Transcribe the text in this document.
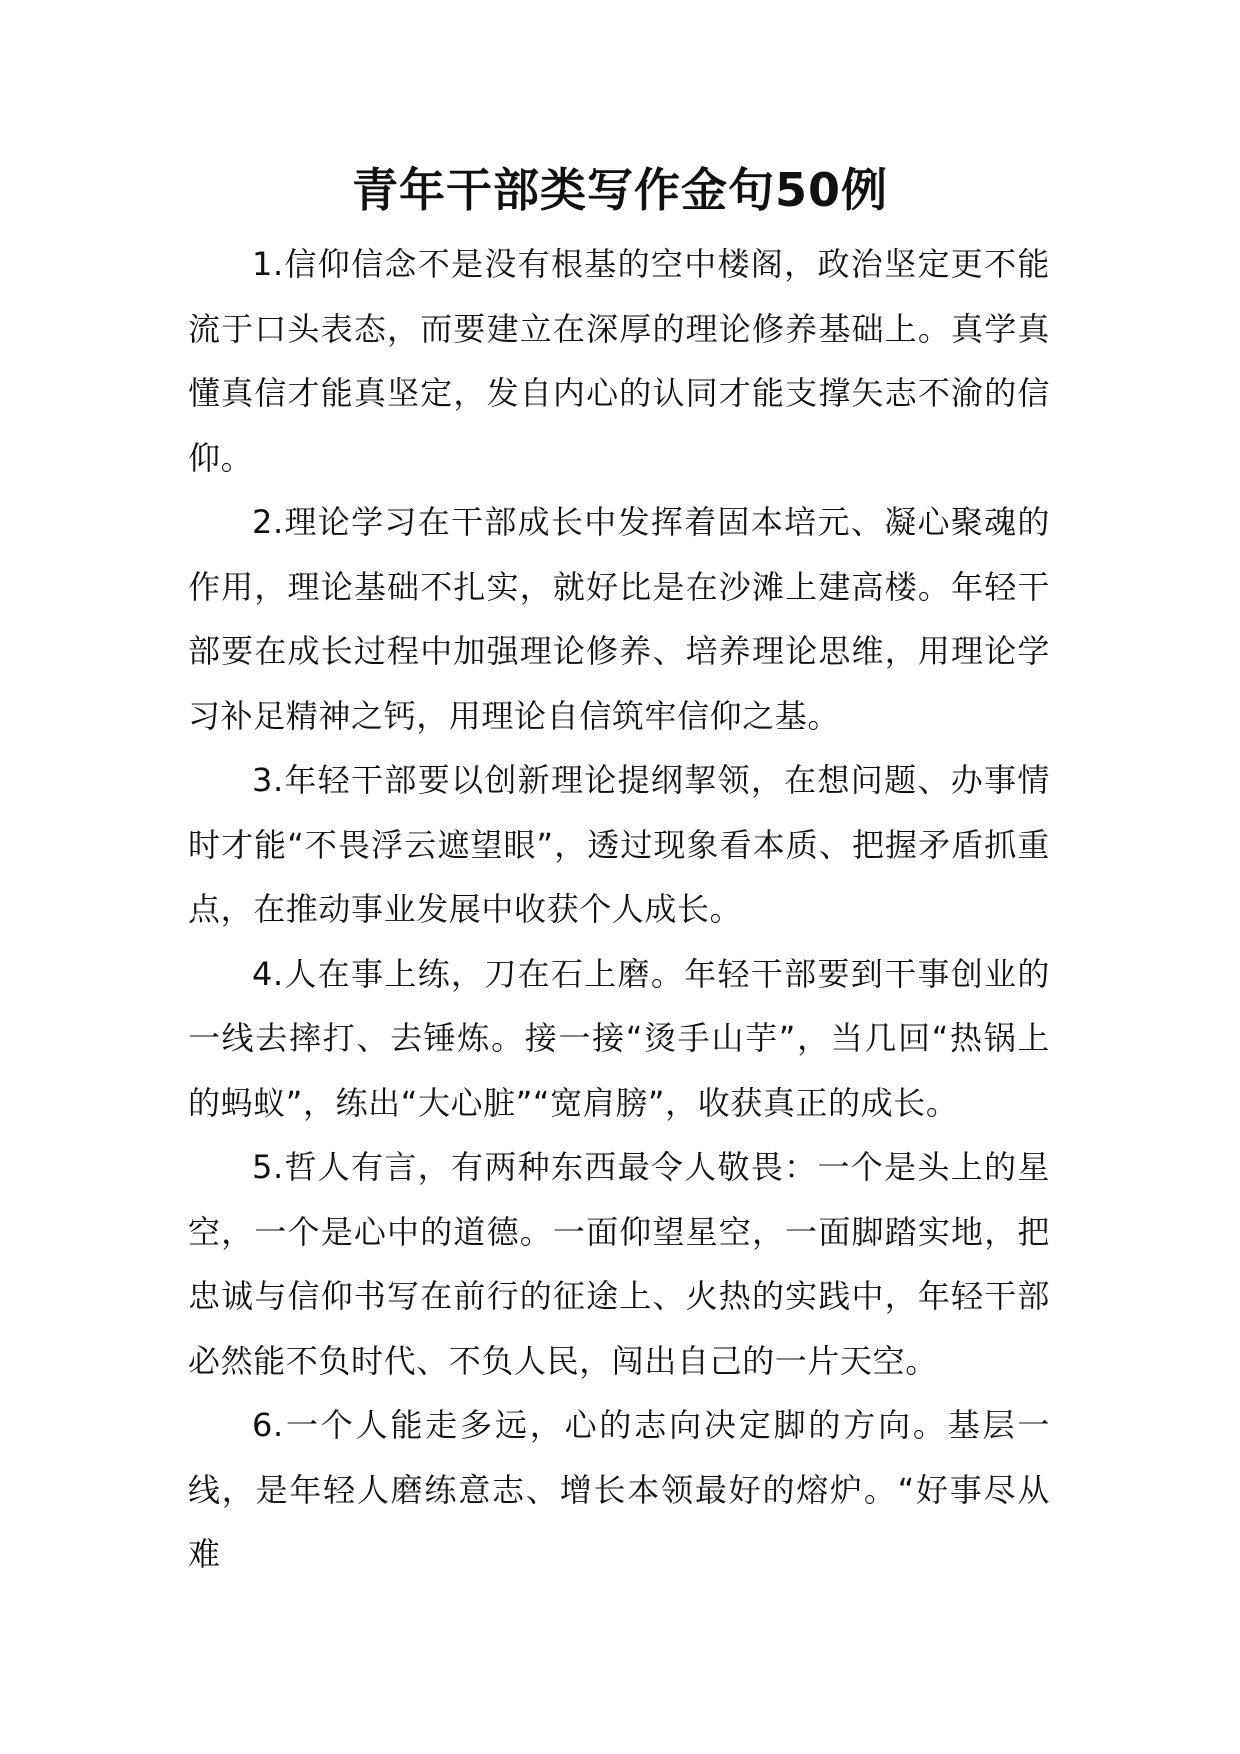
青年干部类写作金句50例

1.信仰信念不是没有根基的空中楼阁，政治坚定更不能流于口头表态，而要建立在深厚的理论修养基础上。真学真懂真信才能真坚定，发自内心的认同才能支撑矢志不渝的信仰。

2.理论学习在干部成长中发挥着固本培元、凝心聚魂的作用，理论基础不扎实，就好比是在沙滩上建高楼。年轻干部要在成长过程中加强理论修养、培养理论思维，用理论学习补足精神之钙，用理论自信筑牢信仰之基。

3.年轻干部要以创新理论提纲挈领，在想问题、办事情时才能“不畏浮云遮望眼”，透过现象看本质、把握矛盾抓重点，在推动事业发展中收获个人成长。

4.人在事上练，刀在石上磨。年轻干部要到干事创业的一线去摔打、去锤炼。接一接“烫手山芋”，当几回“热锅上的蚂蚁”，练出“大心脏”“宽肩膀”，收获真正的成长。

5.哲人有言，有两种东西最令人敬畏：一个是头上的星空，一个是心中的道德。一面仰望星空，一面脚踏实地，把忠诚与信仰书写在前行的征途上、火热的实践中，年轻干部必然能不负时代、不负人民，闯出自己的一片天空。

6.一个人能走多远，心的志向决定脚的方向。基层一线，是年轻人磨练意志、增长本领最好的熔炉。“好事尽从难
